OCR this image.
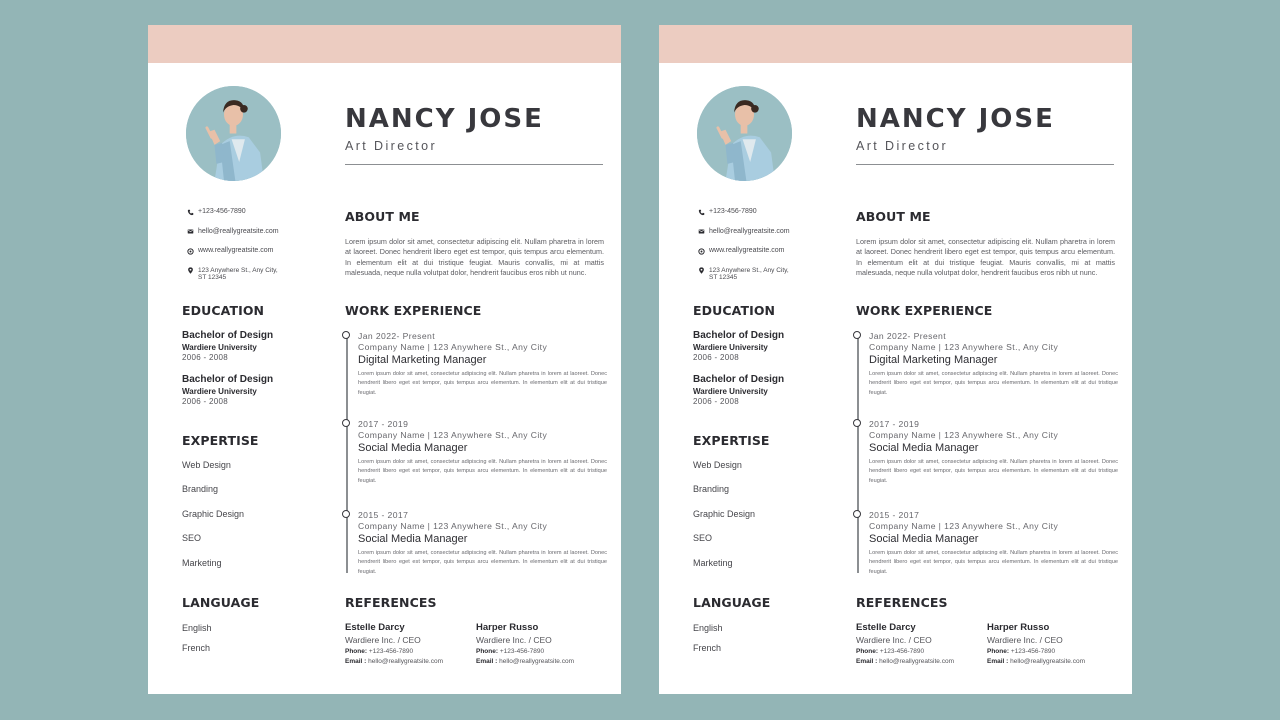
NANCY JOSE
Art Director
+123-456-7890
hello@reallygreatsite.com
www.reallygreatsite.com
123 Anywhere St., Any City,
ST 12345
EDUCATION
Bachelor of Design
Wardiere University
2006 - 2008
Bachelor of Design
Wardiere University
2006 - 2008
EXPERTISE
Web Design
Branding
Graphic Design
SEO
Marketing
LANGUAGE
English
French
ABOUT ME
Lorem ipsum dolor sit amet, consectetur adipiscing elit. Nullam pharetra in lorem at laoreet. Donec hendrerit libero eget est tempor, quis tempus arcu elementum. In elementum elit at dui tristique feugiat. Mauris convallis, mi at mattis malesuada, neque nulla volutpat dolor, hendrerit faucibus eros nibh ut nunc.
WORK EXPERIENCE
Jan 2022- Present
Company Name | 123 Anywhere St., Any City
Digital Marketing Manager
Lorem ipsum dolor sit amet, consectetur adipiscing elit. Nullam pharetra in lorem at laoreet. Donec hendrerit libero eget est tempor, quis tempus arcu elementum. In elementum elit at dui tristique feugiat.
2017 - 2019
Company Name | 123 Anywhere St., Any City
Social Media Manager
Lorem ipsum dolor sit amet, consectetur adipiscing elit. Nullam pharetra in lorem at laoreet. Donec hendrerit libero eget est tempor, quis tempus arcu elementum. In elementum elit at dui tristique feugiat.
2015 - 2017
Company Name | 123 Anywhere St., Any City
Social Media Manager
Lorem ipsum dolor sit amet, consectetur adipiscing elit. Nullam pharetra in lorem at laoreet. Donec hendrerit libero eget est tempor, quis tempus arcu elementum. In elementum elit at dui tristique feugiat.
REFERENCES
Estelle Darcy
Wardiere Inc. / CEO
Phone: +123-456-7890
Email : hello@reallygreatsite.com
Harper Russo
Wardiere Inc. / CEO
Phone: +123-456-7890
Email : hello@reallygreatsite.com
NANCY JOSE
Art Director
+123-456-7890
hello@reallygreatsite.com
www.reallygreatsite.com
123 Anywhere St., Any City,
ST 12345
EDUCATION
Bachelor of Design
Wardiere University
2006 - 2008
Bachelor of Design
Wardiere University
2006 - 2008
EXPERTISE
Web Design
Branding
Graphic Design
SEO
Marketing
LANGUAGE
English
French
ABOUT ME
Lorem ipsum dolor sit amet, consectetur adipiscing elit. Nullam pharetra in lorem at laoreet. Donec hendrerit libero eget est tempor, quis tempus arcu elementum. In elementum elit at dui tristique feugiat. Mauris convallis, mi at mattis malesuada, neque nulla volutpat dolor, hendrerit faucibus eros nibh ut nunc.
WORK EXPERIENCE
Jan 2022- Present
Company Name | 123 Anywhere St., Any City
Digital Marketing Manager
Lorem ipsum dolor sit amet, consectetur adipiscing elit. Nullam pharetra in lorem at laoreet. Donec hendrerit libero eget est tempor, quis tempus arcu elementum. In elementum elit at dui tristique feugiat.
2017 - 2019
Company Name | 123 Anywhere St., Any City
Social Media Manager
Lorem ipsum dolor sit amet, consectetur adipiscing elit. Nullam pharetra in lorem at laoreet. Donec hendrerit libero eget est tempor, quis tempus arcu elementum. In elementum elit at dui tristique feugiat.
2015 - 2017
Company Name | 123 Anywhere St., Any City
Social Media Manager
Lorem ipsum dolor sit amet, consectetur adipiscing elit. Nullam pharetra in lorem at laoreet. Donec hendrerit libero eget est tempor, quis tempus arcu elementum. In elementum elit at dui tristique feugiat.
REFERENCES
Estelle Darcy
Wardiere Inc. / CEO
Phone: +123-456-7890
Email : hello@reallygreatsite.com
Harper Russo
Wardiere Inc. / CEO
Phone: +123-456-7890
Email : hello@reallygreatsite.com
